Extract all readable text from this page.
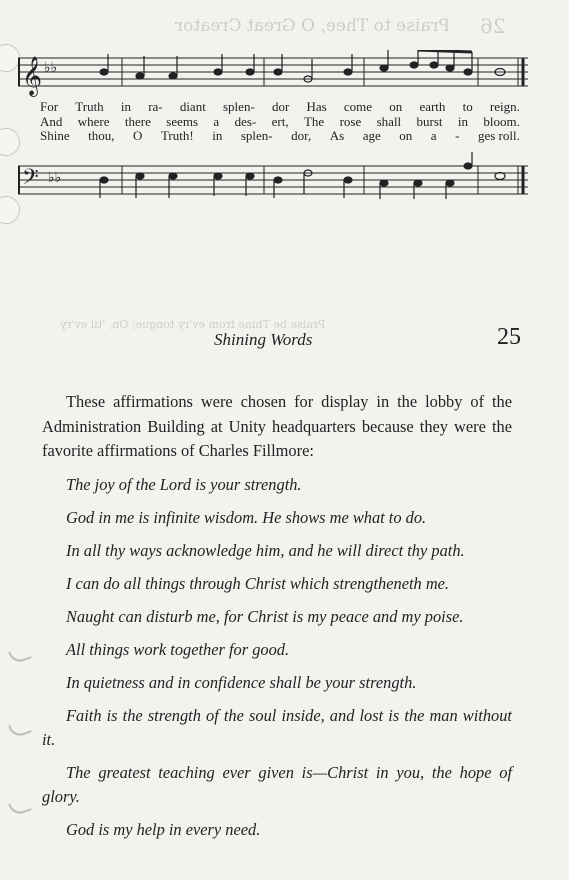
26
Praise to Thee, O Great Creator
Praise be Thine from ev'ry tongue; On, 'til ev'ry
𝄞 ♭♭
For Truth in ra- diant splen- dor Has come on earth to reign.
And where there seems a des- ert, The rose shall burst in bloom.
Shine thou, O Truth! in splen- dor, As age on a - ges roll.
𝄢 ♭♭
Shining Words	25

These affirmations were chosen for display in the lobby of the Administration Building at Unity headquarters because they were the favorite affirmations of Charles Fillmore:

The joy of the Lord is your strength.

God in me is infinite wisdom. He shows me what to do.

In all thy ways acknowledge him, and he will direct thy path.

I can do all things through Christ which strengtheneth me.

Naught can disturb me, for Christ is my peace and my poise.

All things work together for good.

In quietness and in confidence shall be your strength.

Faith is the strength of the soul inside, and lost is the man without it.

The greatest teaching ever given is—Christ in you, the hope of glory.

God is my help in every need.
